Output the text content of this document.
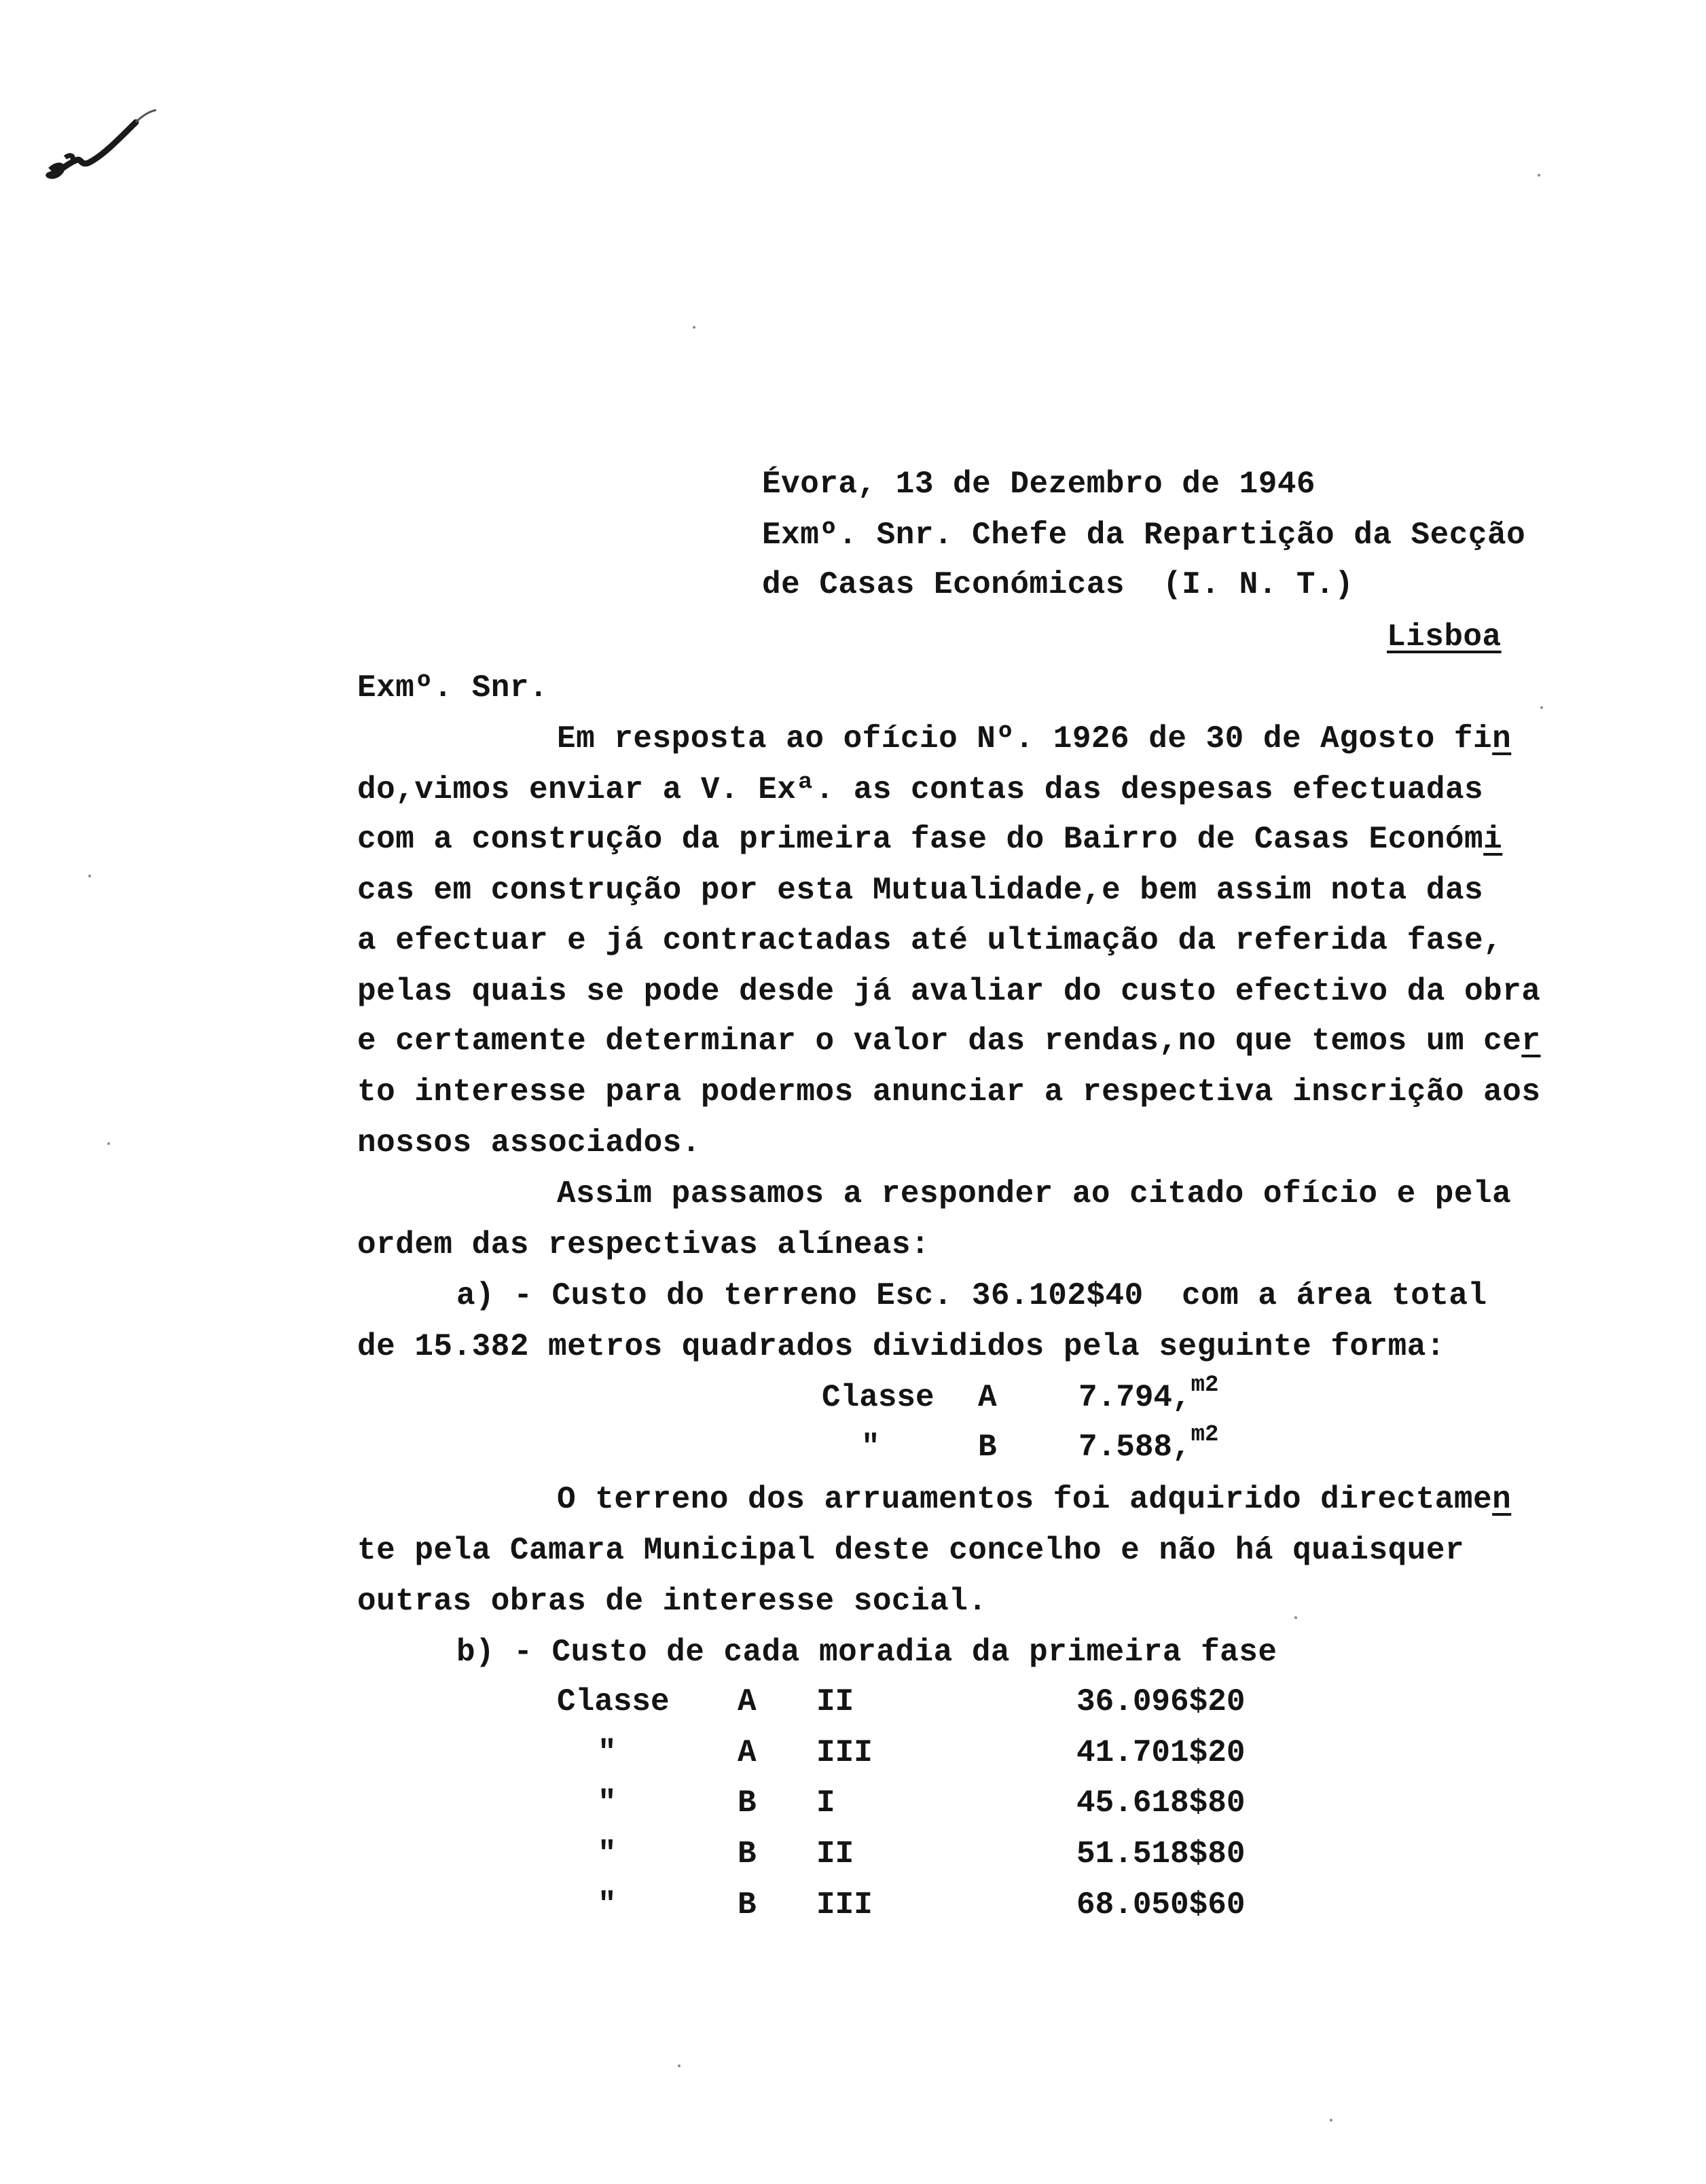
Évora, 13 de Dezembro de 1946
Exmº. Snr. Chefe da Repartição da Secção
de Casas Económicas  (I. N. T.)
Lisboa
Exmº. Snr.
Em resposta ao ofício Nº. 1926 de 30 de Agosto fin
do,vimos enviar a V. Exª. as contas das despesas efectuadas
com a construção da primeira fase do Bairro de Casas Económi
cas em construção por esta Mutualidade,e bem assim nota das
a efectuar e já contractadas até ultimação da referida fase,
pelas quais se pode desde já avaliar do custo efectivo da obra
e certamente determinar o valor das rendas,no que temos um cer
to interesse para podermos anunciar a respectiva inscrição aos
nossos associados.
Assim passamos a responder ao citado ofício e pela
ordem das respectivas alíneas:
a) - Custo do terreno Esc. 36.102$40  com a área total
de 15.382 metros quadrados divididos pela seguinte forma:
Classe A	7.794,$^{m2}$
"	B	7.588,$^{m2}$
O terreno dos arruamentos foi adquirido directamen
te pela Camara Municipal deste concelho e não há quaisquer
outras obras de interesse social.
b) - Custo de cada moradia da primeira fase
Classe A II	36.096$20
"	A III	41.701$20
"	B I	45.618$80
"	B II	51.518$80
"	B III	68.050$60
